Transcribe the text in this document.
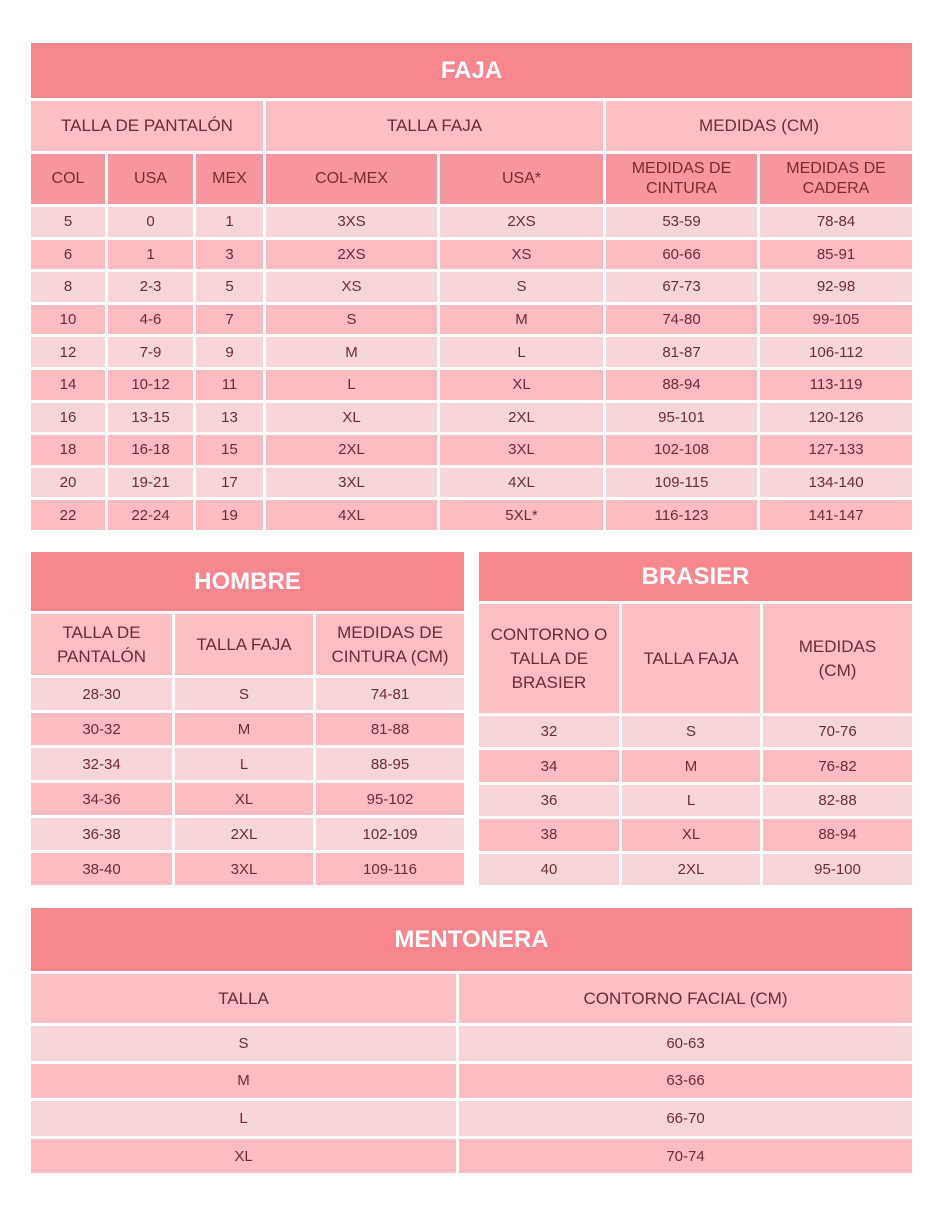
FAJA						
TALLA DE PANTALÓN			TALLA FAJA		MEDIDAS (CM)	
COL	USA	MEX	COL-MEX	USA*	MEDIDAS DE CINTURA	MEDIDAS DE CADERA
5	0	1	3XS	2XS	53-59	78-84
6	1	3	2XS	XS	60-66	85-91
8	2-3	5	XS	S	67-73	92-98
10	4-6	7	S	M	74-80	99-105
12	7-9	9	M	L	81-87	106-112
14	10-12	11	L	XL	88-94	113-119
16	13-15	13	XL	2XL	95-101	120-126
18	16-18	15	2XL	3XL	102-108	127-133
20	19-21	17	3XL	4XL	109-115	134-140
22	22-24	19	4XL	5XL*	116-123	141-147
HOMBRE		
TALLA DE PANTALÓN	TALLA FAJA	MEDIDAS DE CINTURA (CM)
28-30	S	74-81
30-32	M	81-88
32-34	L	88-95
34-36	XL	95-102
36-38	2XL	102-109
38-40	3XL	109-116
BRASIER		
CONTORNO O TALLA DE BRASIER	TALLA FAJA	MEDIDAS (CM)
32	S	70-76
34	M	76-82
36	L	82-88
38	XL	88-94
40	2XL	95-100
MENTONERA	
TALLA	CONTORNO FACIAL (CM)
S	60-63
M	63-66
L	66-70
XL	70-74
